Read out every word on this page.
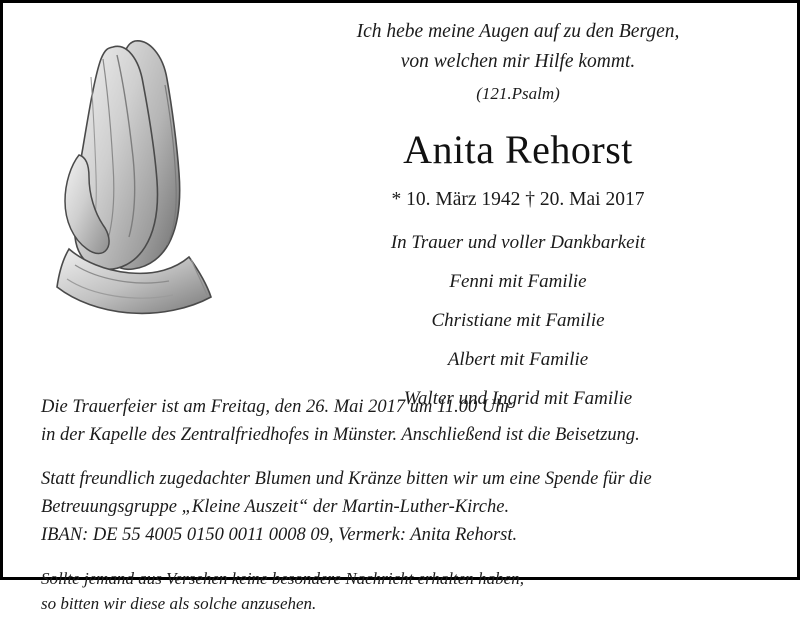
Ich hebe meine Augen auf zu den Bergen,
von welchen mir Hilfe kommt.
(121.Psalm)
Anita Rehorst
* 10. März 1942 † 20. Mai 2017
In Trauer und voller Dankbarkeit
Fenni mit Familie
Christiane mit Familie
Albert mit Familie
Walter und Ingrid mit Familie
Die Trauerfeier ist am Freitag, den 26. Mai 2017 um 11.00 Uhr
in der Kapelle des Zentralfriedhofes in Münster. Anschließend ist die Beisetzung.
Statt freundlich zugedachter Blumen und Kränze bitten wir um eine Spende für die
Betreuungsgruppe „Kleine Auszeit“ der Martin-Luther-Kirche.
IBAN: DE 55 4005 0150 0011 0008 09, Vermerk: Anita Rehorst.
Sollte jemand aus Versehen keine besondere Nachricht erhalten haben,
so bitten wir diese als solche anzusehen.
